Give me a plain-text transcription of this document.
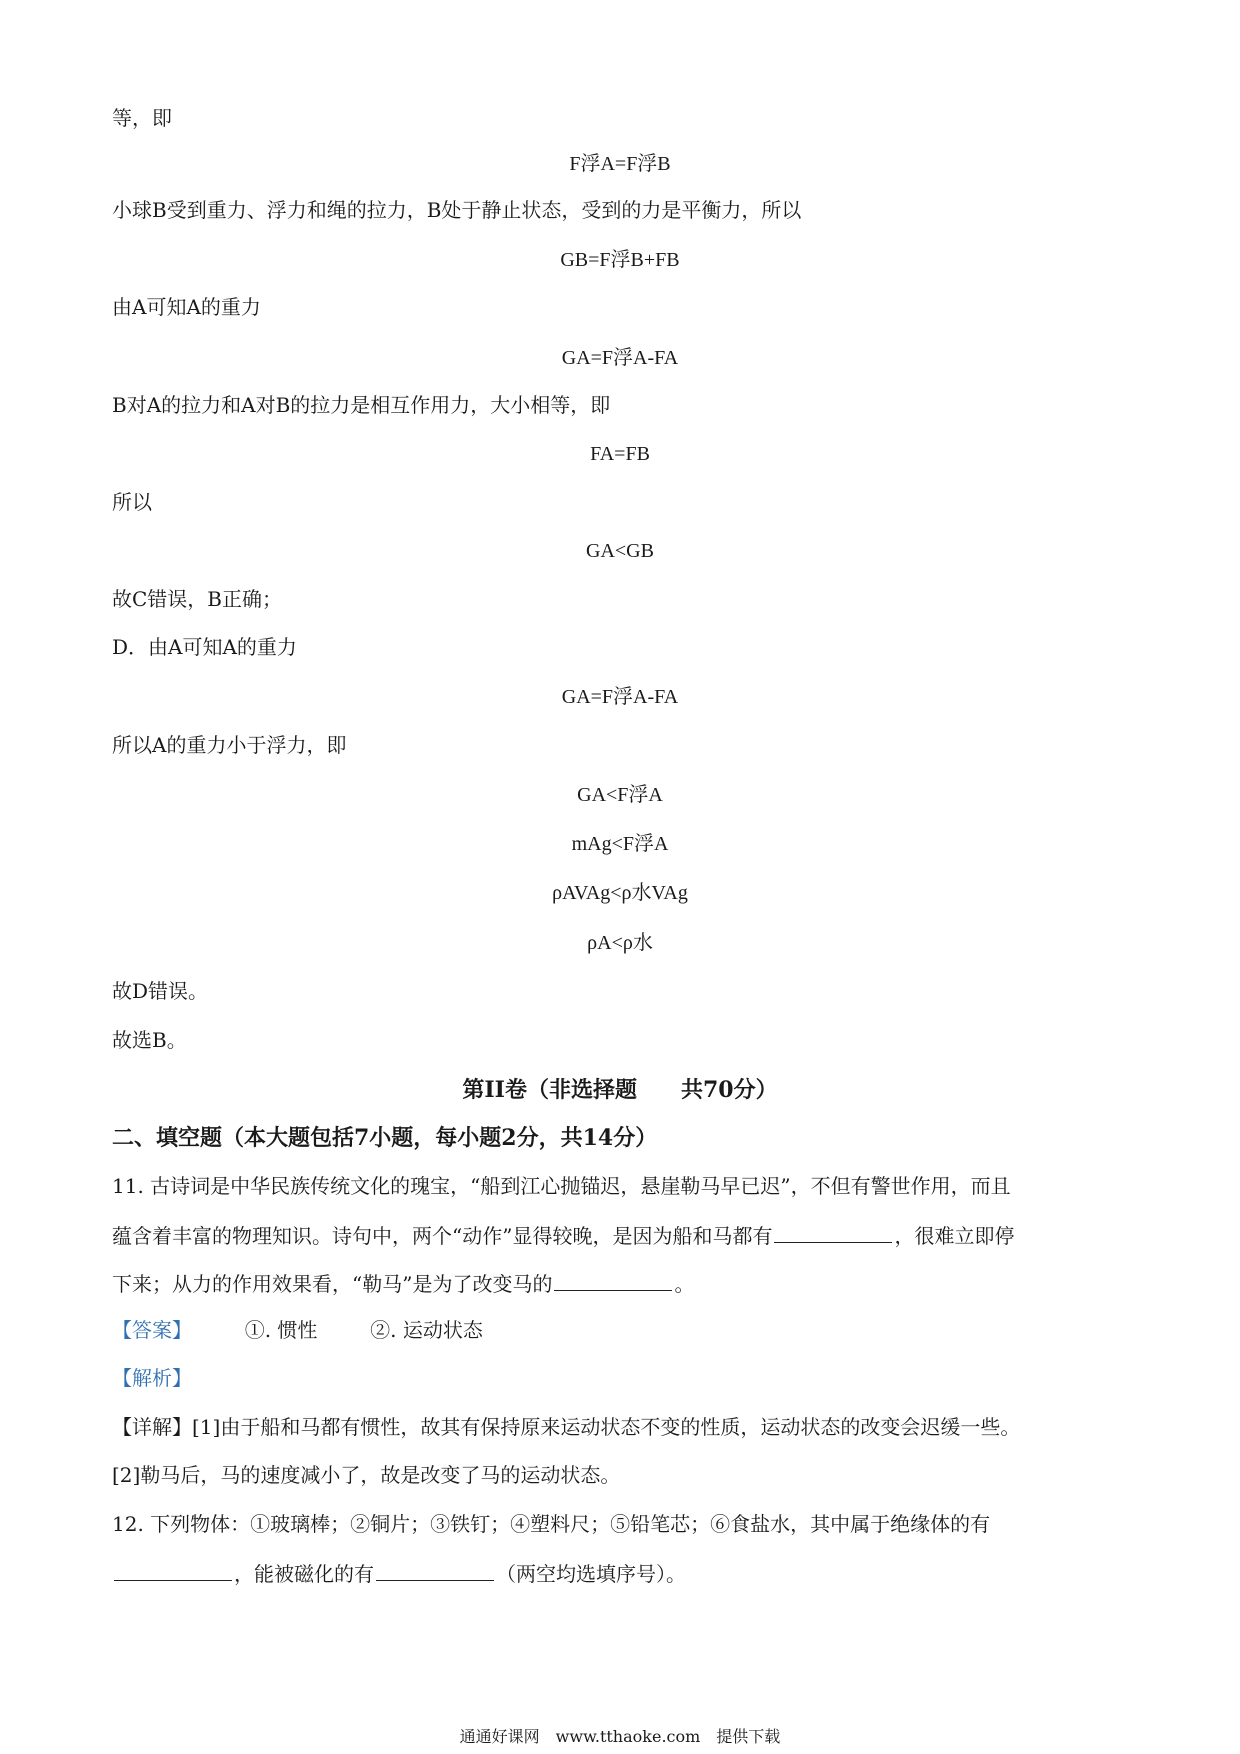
等，即
F浮A=F浮B
小球B受到重力、浮力和绳的拉力，B处于静止状态，受到的力是平衡力，所以
GB=F浮B+FB
由A可知A的重力
GA=F浮A-FA
B对A的拉力和A对B的拉力是相互作用力，大小相等，即
FA=FB
所以
GA<GB
故C错误，B正确；
D．由A可知A的重力
GA=F浮A-FA
所以A的重力小于浮力，即
GA<F浮A
mAg<F浮A
ρAVAg<ρ水VAg
ρA<ρ水
故D错误。
故选B。
第II卷（非选择题　　共70分）
二、填空题（本大题包括7小题，每小题2分，共14分）
11. 古诗词是中华民族传统文化的瑰宝，“船到江心抛锚迟，悬崖勒马早已迟”，不但有警世作用，而且
蕴含着丰富的物理知识。诗句中，两个“动作”显得较晚，是因为船和马都有	，很难立即停
下来；从力的作用效果看，“勒马”是为了改变马的	。
【答案】	①. 惯性	②. 运动状态
【解析】
【详解】[1]由于船和马都有惯性，故其有保持原来运动状态不变的性质，运动状态的改变会迟缓一些。
[2]勒马后，马的速度减小了，故是改变了马的运动状态。
12. 下列物体：①玻璃棒；②铜片；③铁钉；④塑料尺；⑤铅笔芯；⑥食盐水，其中属于绝缘体的有
，能被磁化的有	（两空均选填序号）。
通通好课网　www.tthaoke.com　提供下载
